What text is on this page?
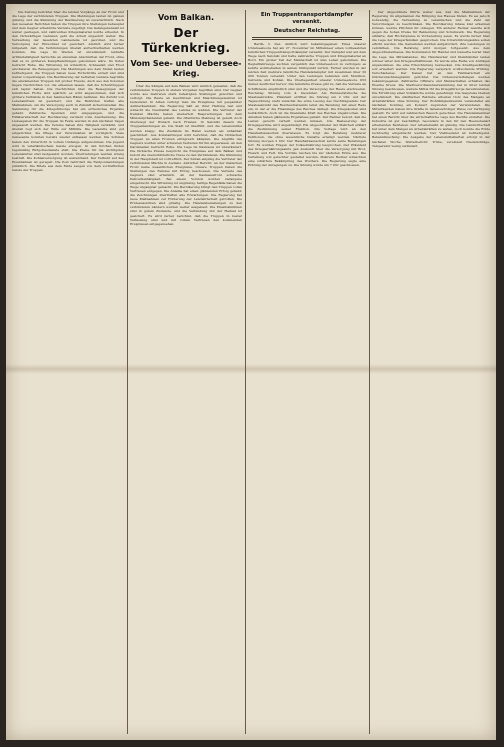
Die Zeitung berichtet über die letzten Vorgänge an der Front und die Lage der verbündeten Truppen. Die Meldungen lauten im ganzen günstig, und die Stimmung der Bevölkerung ist zuversichtlich. Nach den neuesten Berichten haben die Truppen ihre Stellungen behauptet und dem Gegner erhebliche Verluste zugefügt. Die Gefangenenzahl ist weiter gestiegen, und zahlreiches Kriegsmaterial wurde erbeutet. In den rückwärtigen Gebieten geht die Arbeit ungestört weiter. Die Verwaltung der besetzten Landesteile ist geordnet, und die Versorgung der Einwohner ist gesichert. Amtlich wird ferner mitgeteilt, daß die Verbindungen überall aufrechterhalten werden konnten. Die Lage im Westen ist unverändert; lebhafte Artillerietätigkeit herrschte an einzelnen Abschnitten der Front, ohne daß es zu größeren Kampfhandlungen gekommen wäre. Im Osten herrscht Ruhe. Die Witterung ist winterlich, Schneefall und Frost erschweren die Bewegungen. Die Meldungen aus dem Süden lauten befriedigend; die Truppen haben neue Fortschritte erzielt und sind weiter vorgedrungen. Die Bevölkerung der befreiten Gebiete begrüßte die einziehenden Truppen mit großer Freude. Auch aus den Kolonien liegen Nachrichten vor, die erkennen lassen, daß die Schutztruppen sich tapfer halten. Die Nachrichten über die Bewegungen der feindlichen Flotte sind spärlich; es wird angenommen, daß sich größere Verbände in den heimischen Häfen befinden. Die Zufuhr von Lebensmitteln ist gesichert, und die Behörden treffen alle Maßnahmen, um die Versorgung auch in Zukunft sicherzustellen. Die Sammlung für die Kriegsfürsorge hat ein erfreuliches Ergebnis gehabt. Zahlreiche Spenden sind eingegangen, und die Hilfsbereitschaft der Bevölkerung verdient volle Anerkennung. Die Liebesgaben für die Truppen im Felde werden in den nächsten Tagen abgesandt werden. Die Vereine haben ihre Tätigkeit verstärkt, und überall regt sich der Wille zur Mithilfe. Die Lazarette sind gut eingerichtet, die Pflege der Verwundeten ist vorzüglich. Viele Genesende konnten bereits wieder entlassen werden. Die Schulen haben den Unterricht in vollem Umfange aufgenommen. Die Jugend wird in vaterländischem Geiste erzogen. In den Kirchen finden regelmäßig Bittgottesdienste statt. Die Preise für die wichtigsten Lebensmittel sind festgesetzt worden; Übertretungen werden streng bestraft. Die Kohlenversorgung ist ausreichend. Der Verkehr auf den Eisenbahnen ist geregelt. Die Post befördert die Feldpostsendungen pünktlich. Die Briefe aus dem Felde zeugen von dem vortrefflichen Geiste der Truppen.

Vom Balkan.
Der Türkenkrieg.
Vom See- und Uebersee-Krieg.

Über die Kämpfe auf dem Balkan wird amtlich gemeldet, daß die verbündeten Truppen in stetem Vorgehen begriffen sind. Der Gegner wurde aus mehreren stark befestigten Stellungen geworfen und verfolgt. Die Beute an Geschützen und Maschinengewehren ist bedeutend. In Athen verfolgt man die Ereignisse mit gespannter Aufmerksamkeit. Die Regierung hält an ihrer Haltung fest und wünscht die Neutralität des Landes zu wahren. Die Vertreter der fremden Mächte haben wiederholt Besprechungen mit dem Ministerpräsidenten gehabt. Die öffentliche Meinung ist geteilt, doch überwiegt der Wunsch nach Frieden. In Saloniki dauern die Truppenlandungen an. Die Stadt ist überfüllt, und die Lebensmittel werden knapp. Die Zustände im Hafen werden als unhaltbar geschildert. Aus Konstantinopel wird berichtet, daß die türkischen Truppen an allen Fronten erfolgreich kämpfen. Die Angriffe des Gegners wurden unter schweren Verlusten für ihn abgewiesen. An den Dardanellen herrscht Ruhe. Die Lage im Kaukasus ist unverändert. Die türkische Presse bespricht die Ereignisse auf dem Balkan und betont die unerschütterliche Treue zu den Verbündeten. Die Stimmung in der Hauptstadt ist vortrefflich. Der Sultan empfing die Vertreter der verbündeten Mächte in Audienz. Amtlicher Bericht: An der irakischen Front keine wesentlichen Ereignisse. Unsere Truppen haben die Stellungen des Feindes mit Erfolg beschossen. Die Verluste des Gegners sind erheblich. An der Kaukasusfront schwache Patrouillentätigkeit. Bei einem Vorstoß wurden Gefangene eingebracht. Die Witterung ist ungünstig, heftige Regenfälle haben die Wege ungangbar gemacht. Die Bevölkerung bringt den Truppen volles Vertrauen entgegen. Die Anleihe hat einen glänzenden Erfolg gehabt; die Zeichnungen übertreffen alle Erwartungen. Die Regierung hat neue Maßnahmen zur Förderung der Landwirtschaft getroffen. Die Ernteaussichten sind günstig. Die Handelsbeziehungen zu den verbündeten Ländern werden weiter ausgebaut. Die Eisenbahnlinien sind in gutem Zustande, und die Verbindung mit der Heimat ist gesichert. Es wird ferner berichtet, daß die Truppen in bester Verfassung sind und mit vollem Vertrauen den kommenden Ereignissen entgegensehen.

Ein Truppentransportdampfer versenkt.
Deutscher Reichstag.

Berlin, 5. Dez. Amtlich wird bekanntgegeben: Eines unserer Unterseeboote hat am 27. November im Mittelmeer einen vollbesetzten feindlichen Truppentransportdampfer versenkt. Der Dampfer war auf dem Wege nach Saloniki und hatte zahlreiche Truppen und Kriegsmaterial an Bord. Ein großer Teil der Mannschaft ist ums Leben gekommen. Die Begleitfahrzeuge suchten vergeblich das Unterseeboot zu verfolgen; es kehrte wohlbehalten in seinen Stützpunkt zurück. Ferner wurden in der letzten Zeit mehrere feindliche Handelsdampfer mit zusammen über 30 000 Tonnen versenkt. Unter den Ladungen befanden sich Munition, Getreide und Kohlen. Die Überlegenheit unserer Unterseeboote tritt immer deutlicher hervor. Die feindliche Presse gibt zu, daß die Verluste an Schiffsraum empfindlich sind und die Versorgung der Heere erschweren. Reichstag. Sitzung vom 4. Dezember. Am Bundesratstische die Staatssekretäre. Präsident eröffnet die Sitzung um 2 Uhr. Auf der Tagesordnung steht zunächst die erste Lesung des Nachtragsetats. Der Staatssekretär des Reichsschatzamts leitet die Beratung mit einer Rede ein, in der er die Finanzlage des Reiches darlegt. Die Kriegskosten sind beträchtlich, doch ist die finanzielle Kraft des Reiches ungebrochen. Die Anleihen haben glänzende Ergebnisse gehabt. Der Redner betont, daß die Lasten gerecht verteilt werden müssen. Die Besteuerung der Kriegsgewinne wird angekündigt. Ein Abgeordneter der Mehrheit erklärt die Zustimmung seiner Fraktion. Die Vorlage wird an den Haushaltsausschuß überwiesen. Es folgt die Beratung mehrerer Petitionen, die ohne wesentliche Debatte erledigt werden. Nächste Sitzung morgen 2 Uhr. Der Haushaltsausschuß setzte seine Beratungen fort. Es wurden Fragen der Volksernährung besprochen. Der Präsident des Kriegsernährungsamts gab Auskunft über die Versorgung mit Brot, Fleisch und Fett. Die Vorräte reichen bis zur nächsten Ernte aus. Die Verteilung soll gerechter gestaltet werden. Mehrere Redner wünschten eine schärfere Bekämpfung des Wuchers. Die Regierung sagte eine Prüfung der Anregungen zu. Die Sitzung wurde um 7 Uhr geschlossen.

Der Abgeordnete führte weiter aus, daß die Maßnahmen der Regierung im allgemeinen die Billigung des Hauses finden. Es sei jedoch notwendig, die Verwaltung zu vereinfachen und die Zahl der Verordnungen zu beschränken. Die Bevölkerung müsse klar erkennen können, welche Pflichten ihr obliegen. Ein anderer Redner wandte sich gegen die hohen Preise für Bekleidung und Schuhwerk. Die Regierung erklärte, daß Höchstpreise in Vorbereitung seien. Es wurde ferner über die Lage der Kriegerfamilien gesprochen. Die Unterstützungssätze sollen erhöht werden. Die Gemeinden werden aufgefordert, ihre Leistungen zu verstärken. Die Beratung wird morgen fortgesetzt. Aus dem Abgeordnetenhause. Die Kommission für Handel und Gewerbe beriet über die Lage des Mittelstandes. Die Handwerker und Kleinhändler leiden schwer unter den Kriegsverhältnissen. Es wurde eine Reihe von Anträgen angenommen, die eine Erleichterung bezwecken. Die Kreditgewährung soll erweitert werden. Die Regierung versprach wohlwollende Prüfung. Verschiedenes. Der Kaiser hat an den Feldmarschall ein Glückwunschtelegramm gerichtet. Die Ordensverleihungen werden bekanntgegeben. Zahlreiche Offiziere und Mannschaften erhielten das Eiserne Kreuz. Die Stadtverordnetenversammlung hat in ihrer letzten Sitzung beschlossen, weitere Mittel für die Kriegsfürsorge bereitzustellen. Die Errichtung einer Volksküche wurde genehmigt. Die Gaspreise bleiben unverändert. Die städtischen Betriebe arbeiten trotz des Mangels an Arbeitskräften ohne Störung. Der Wohltätigkeitsverein veranstaltet am nächsten Sonntag ein Konzert zugunsten der Verwundeten. Die Mitwirkenden haben ihre Kräfte in liebenswürdiger Weise zur Verfügung gestellt. Es wird auf zahlreichen Besuch gerechnet. Die Handelskammer hat einen Bericht über die wirtschaftliche Lage des Bezirks erstattet. Die Industrie ist gut beschäftigt, besonders in den für den Heeresbedarf arbeitenden Betrieben. Der Arbeitsmarkt ist günstig. Die Landwirtschaft hat unter dem Mangel an Arbeitskräften zu leiden, doch konnte die Ernte rechtzeitig eingebracht werden. Der Viehbestand ist befriedigend. Bekanntmachung: Die Ausgabe der Lebensmittelkarten erfolgt in der nächsten Woche. Wetterbericht: Trübe, vereinzelt Niederschläge, Temperatur wenig verändert.
